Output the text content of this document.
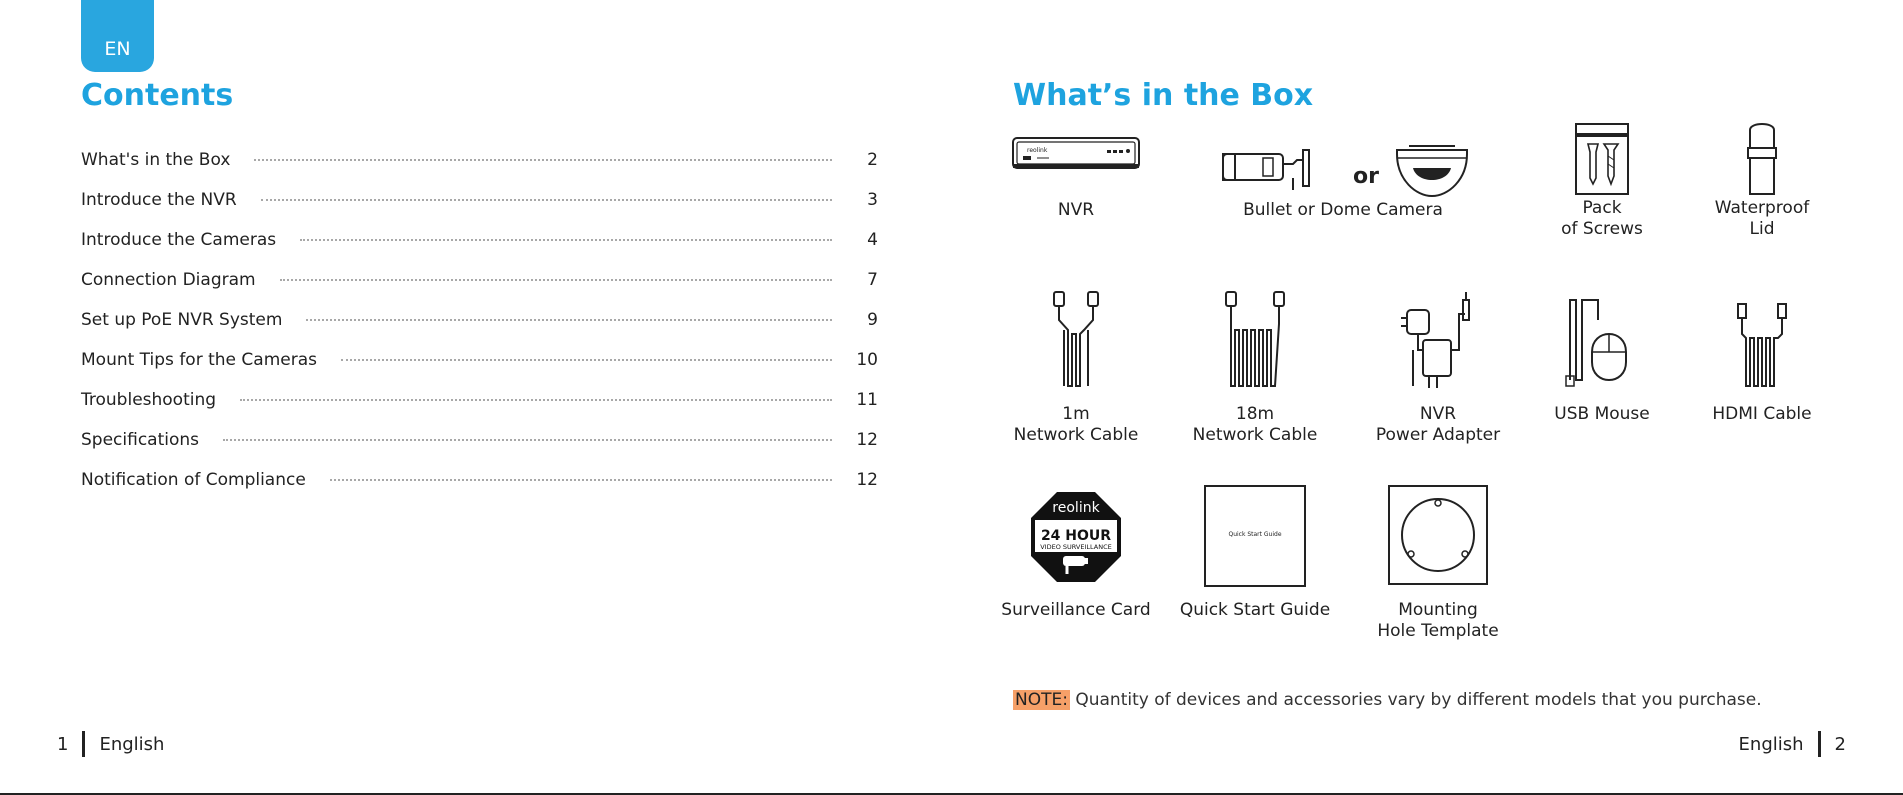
EN
Contents
What's in the Box	2
Introduce the NVR	3
Introduce the Cameras	4
Connection Diagram	7
Set up PoE NVR System	9
Mount Tips for the Cameras	10
Troubleshooting	11
Specifications	12
Notification of Compliance	12
What’s in the Box
reolink
NVR
or
Bullet or Dome Camera	Pack
of Screws
Waterproof
Lid
1m
Network Cable
18m
Network Cable
NVR
Power Adapter
USB Mouse	HDMI Cable
reolink
24 HOUR
VIDEO SURVEILLANCE
Surveillance Card
Quick Start Guide
Quick Start Guide	Mounting
Hole Template
NOTE: Quantity of devices and accessories vary by different models that you purchase.
1 English	English 2
